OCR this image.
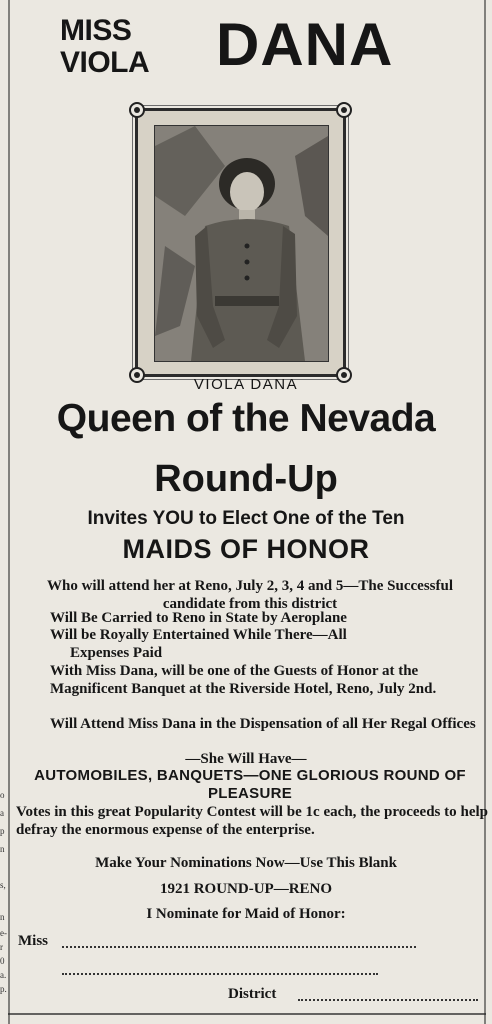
o
a
p
n
s,
n
e-
r
0
a.
p.
MISS
VIOLA DANA
VIOLA DANA
Queen of the Nevada
Round-Up
Invites YOU to Elect One of the Ten
MAIDS OF HONOR
Who will attend her at Reno, July 2, 3, 4 and 5—The Successful candidate from this district
Will Be Carried to Reno in State by Aeroplane
Will be Royally Entertained While There—All
Expenses Paid
With Miss Dana, will be one of the Guests of Honor at the Magnificent Banquet at the Riverside Hotel, Reno, July 2nd.
Will Attend Miss Dana in the Dispensation of all Her Regal Offices
—She Will Have—
AUTOMOBILES, BANQUETS—ONE GLORIOUS ROUND OF PLEASURE
Votes in this great Popularity Contest will be 1c each, the proceeds to help defray the enormous expense of the enterprise.
Make Your Nominations Now—Use This Blank
1921 ROUND-UP—RENO
I Nominate for Maid of Honor:
Miss
District
